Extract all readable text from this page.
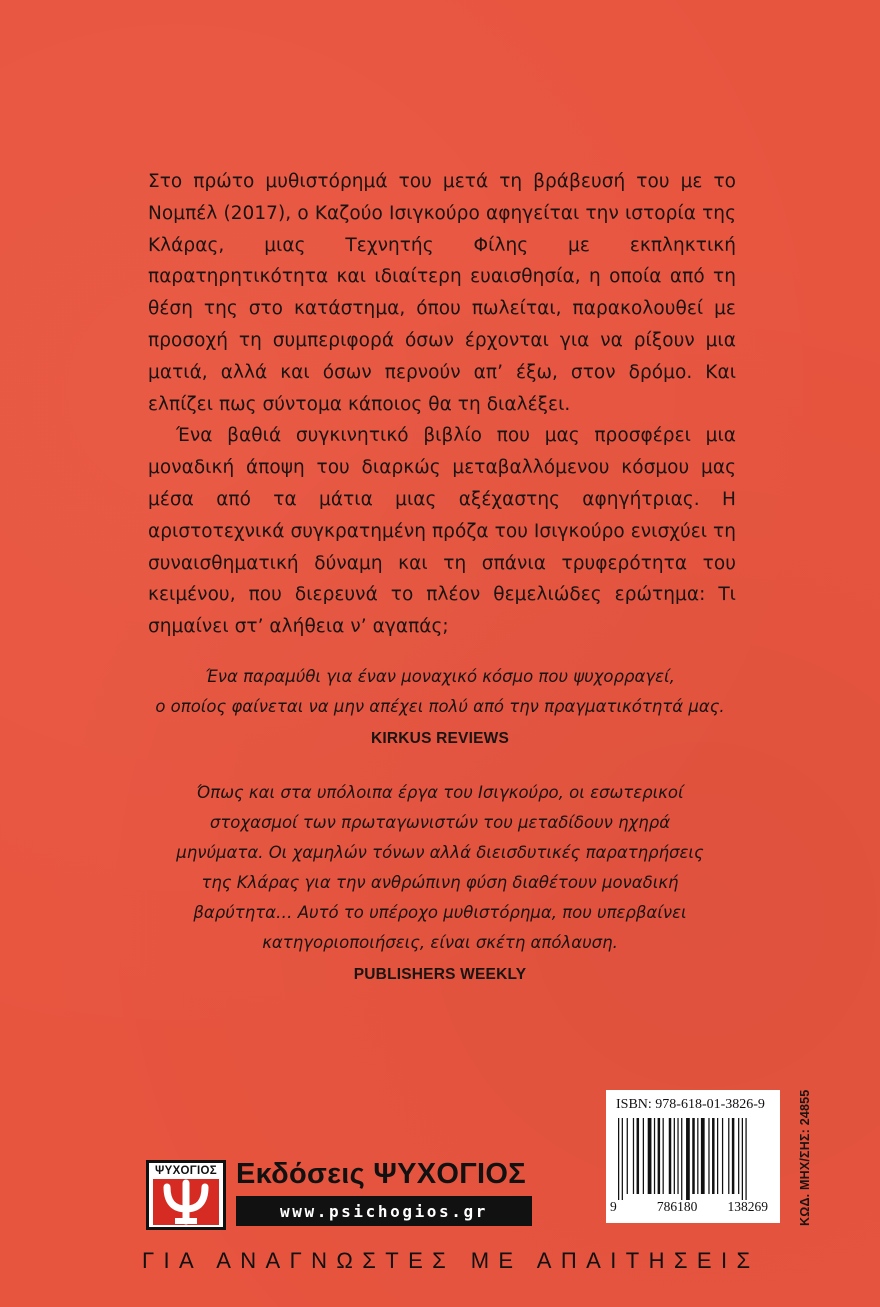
Στο πρώτο μυθιστόρημά του μετά τη βράβευσή του με το Νομπέλ (2017), ο Καζούο Ισιγκούρο αφηγείται την ιστορία της Κλάρας, μιας Τεχνητής Φίλης με εκπληκτική παρατηρητικότητα και ιδιαίτερη ευαισθησία, η οποία από τη θέση της στο κατάστημα, όπου πωλείται, παρακολουθεί με προσοχή τη συμπεριφορά όσων έρχονται για να ρίξουν μια ματιά, αλλά και όσων περνούν απ’ έξω, στον δρόμο. Και ελπίζει πως σύντομα κάποιος θα τη διαλέξει.

Ένα βαθιά συγκινητικό βιβλίο που μας προσφέρει μια μοναδική άποψη του διαρκώς μεταβαλλόμενου κόσμου μας μέσα από τα μάτια μιας αξέχαστης αφηγήτριας. Η αριστοτεχνικά συγκρατημένη πρόζα του Ισιγκούρο ενισχύει τη συναισθηματική δύναμη και τη σπάνια τρυφερότητα του κειμένου, που διερευνά το πλέον θεμελιώδες ερώτημα: Τι σημαίνει στ’ αλήθεια ν’ αγαπάς;

Ένα παραμύθι για έναν μοναχικό κόσμο που ψυχορραγεί,
ο οποίος φαίνεται να μην απέχει πολύ από την πραγματικότητά μας.
KIRKUS REVIEWS
Όπως και στα υπόλοιπα έργα του Ισιγκούρο, οι εσωτερικοί
στοχασμοί των πρωταγωνιστών του μεταδίδουν ηχηρά
μηνύματα. Οι χαμηλών τόνων αλλά διεισδυτικές παρατηρήσεις
της Κλάρας για την ανθρώπινη φύση διαθέτουν μοναδική
βαρύτητα… Αυτό το υπέροχο μυθιστόρημα, που υπερβαίνει
κατηγοριοποιήσεις, είναι σκέτη απόλαυση.
PUBLISHERS WEEKLY
ISBN: 978-618-01-3826-9
9	786180 138269 ΚΩΔ. ΜΗΧ/ΣΗΣ: 24855
ΨΥΧΟΓΙΟΣ Εκδόσεις ΨΥΧΟΓΙΟΣ
www.psichogios.gr
ΓΙΑ ΑΝΑΓΝΩΣΤΕΣ ΜΕ ΑΠΑΙΤΗΣΕΙΣ
